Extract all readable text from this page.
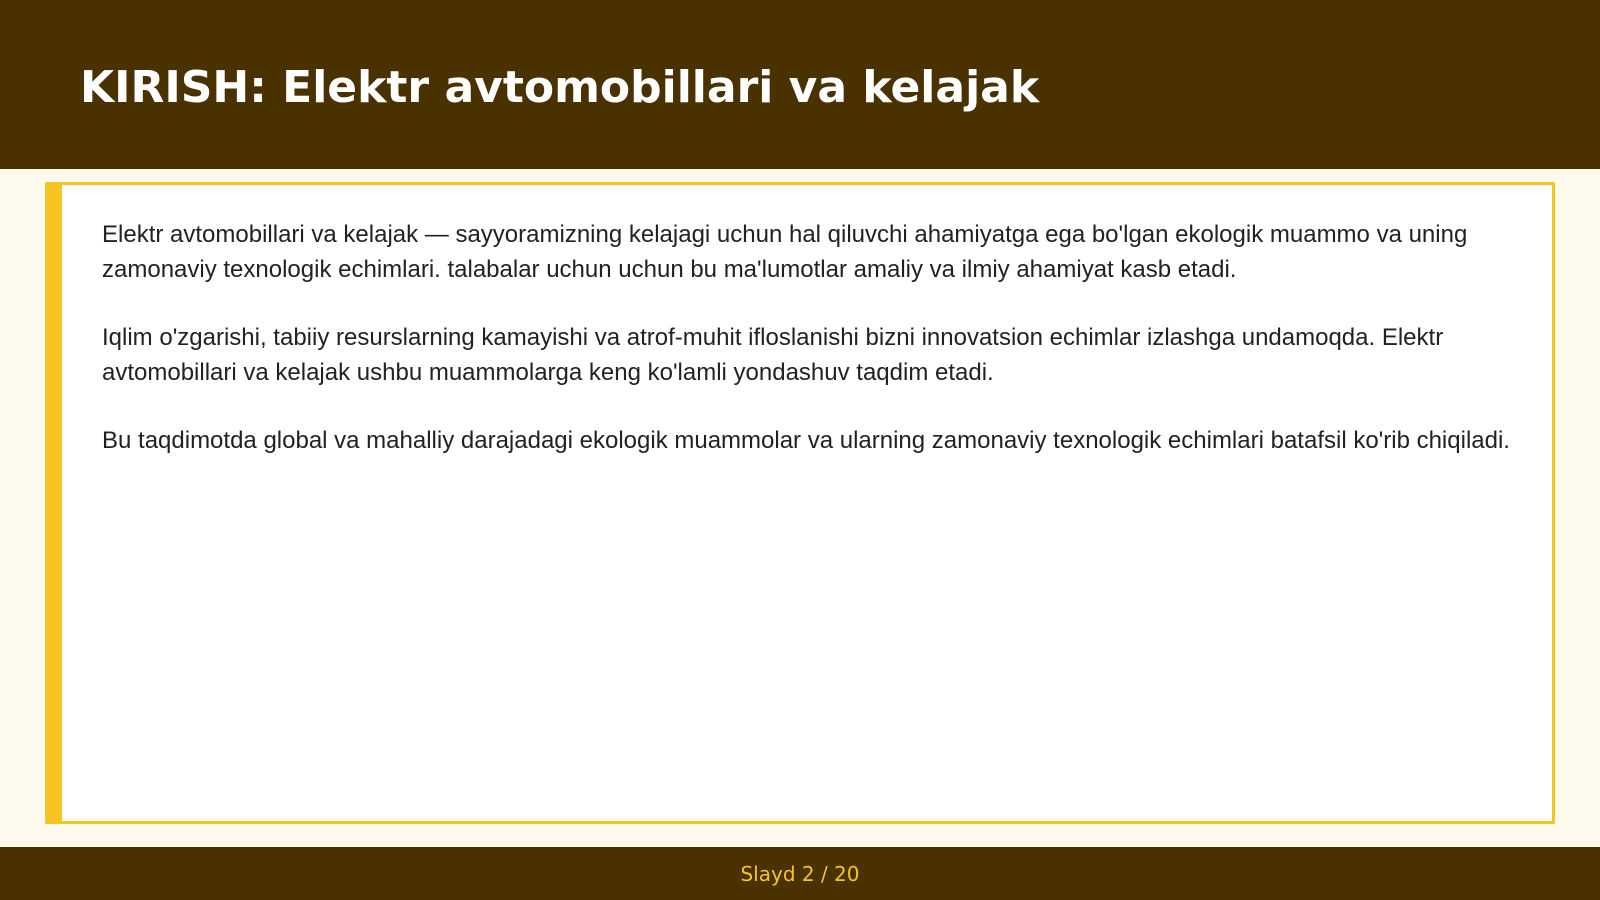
KIRISH: Elektr avtomobillari va kelajak

Elektr avtomobillari va kelajak — sayyoramizning kelajagi uchun hal qiluvchi ahamiyatga ega bo'lgan ekologik muammo va uning zamonaviy texnologik echimlari. talabalar uchun uchun bu ma'lumotlar amaliy va ilmiy ahamiyat kasb etadi.

Iqlim o'zgarishi, tabiiy resurslarning kamayishi va atrof-muhit ifloslanishi bizni innovatsion echimlar izlashga undamoqda. Elektr avtomobillari va kelajak ushbu muammolarga keng ko'lamli yondashuv taqdim etadi.

Bu taqdimotda global va mahalliy darajadagi ekologik muammolar va ularning zamonaviy texnologik echimlari batafsil ko'rib chiqiladi.

Slayd 2 / 20
